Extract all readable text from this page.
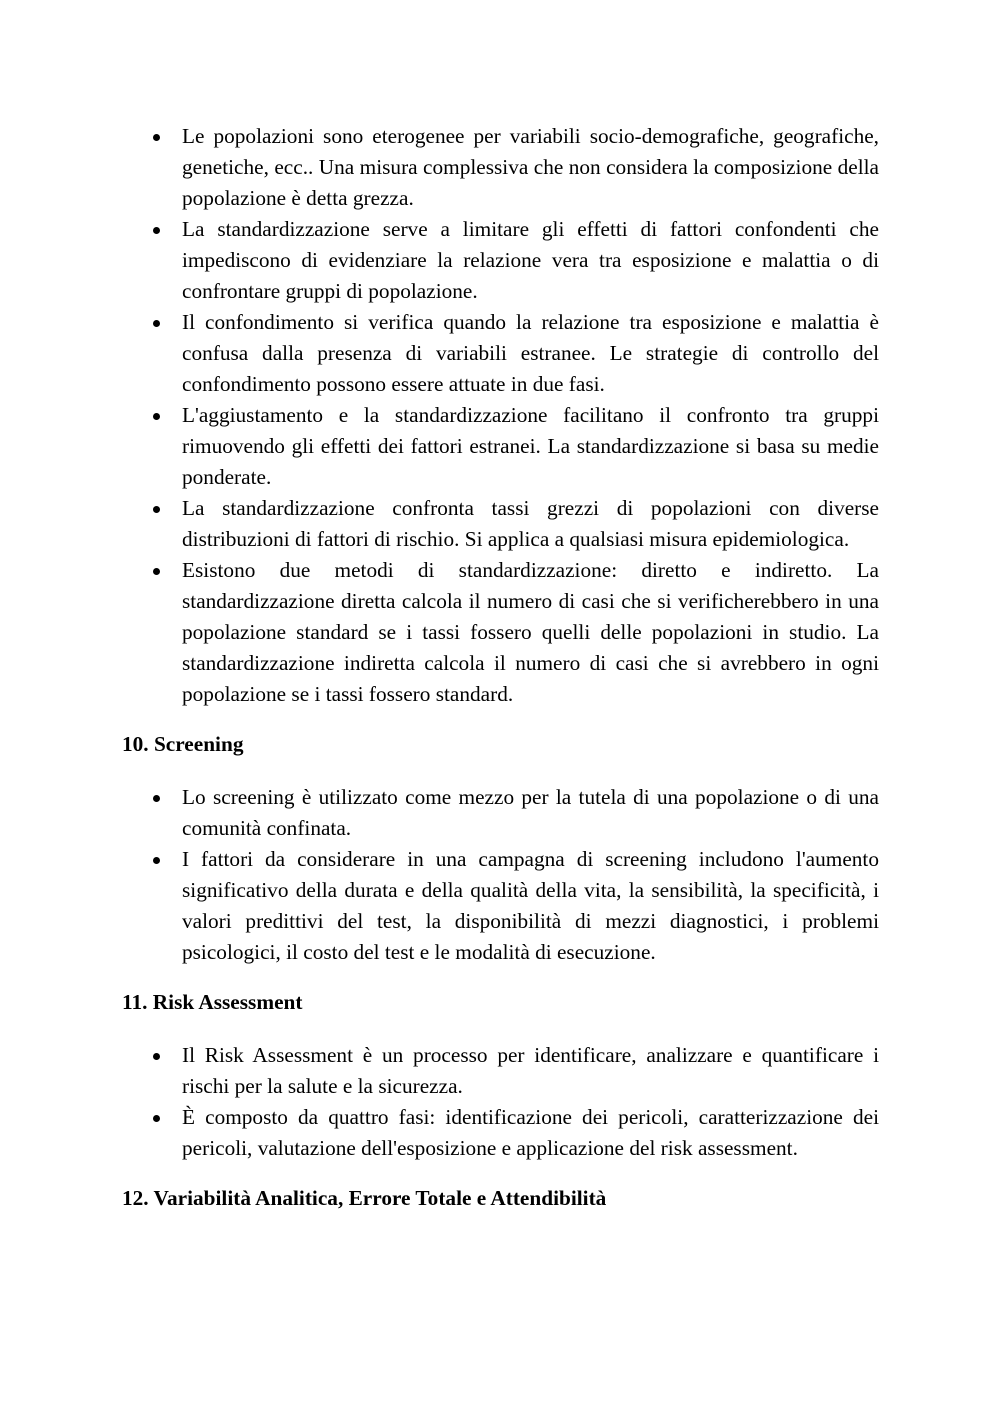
Le popolazioni sono eterogenee per variabili socio-demografiche, geografiche, genetiche, ecc.. Una misura complessiva che non considera la composizione della popolazione è detta grezza.
La standardizzazione serve a limitare gli effetti di fattori confondenti che impediscono di evidenziare la relazione vera tra esposizione e malattia o di confrontare gruppi di popolazione.
Il confondimento si verifica quando la relazione tra esposizione e malattia è confusa dalla presenza di variabili estranee. Le strategie di controllo del confondimento possono essere attuate in due fasi.
L'aggiustamento e la standardizzazione facilitano il confronto tra gruppi rimuovendo gli effetti dei fattori estranei. La standardizzazione si basa su medie ponderate.
La standardizzazione confronta tassi grezzi di popolazioni con diverse distribuzioni di fattori di rischio. Si applica a qualsiasi misura epidemiologica.
Esistono due metodi di standardizzazione: diretto e indiretto. La standardizzazione diretta calcola il numero di casi che si verificherebbero in una popolazione standard se i tassi fossero quelli delle popolazioni in studio. La standardizzazione indiretta calcola il numero di casi che si avrebbero in ogni popolazione se i tassi fossero standard.
10. Screening
Lo screening è utilizzato come mezzo per la tutela di una popolazione o di una comunità confinata.
I fattori da considerare in una campagna di screening includono l'aumento significativo della durata e della qualità della vita, la sensibilità, la specificità, i valori predittivi del test, la disponibilità di mezzi diagnostici, i problemi psicologici, il costo del test e le modalità di esecuzione.
11. Risk Assessment
Il Risk Assessment è un processo per identificare, analizzare e quantificare i rischi per la salute e la sicurezza.
È composto da quattro fasi: identificazione dei pericoli, caratterizzazione dei pericoli, valutazione dell'esposizione e applicazione del risk assessment.
12. Variabilità Analitica, Errore Totale e Attendibilità
